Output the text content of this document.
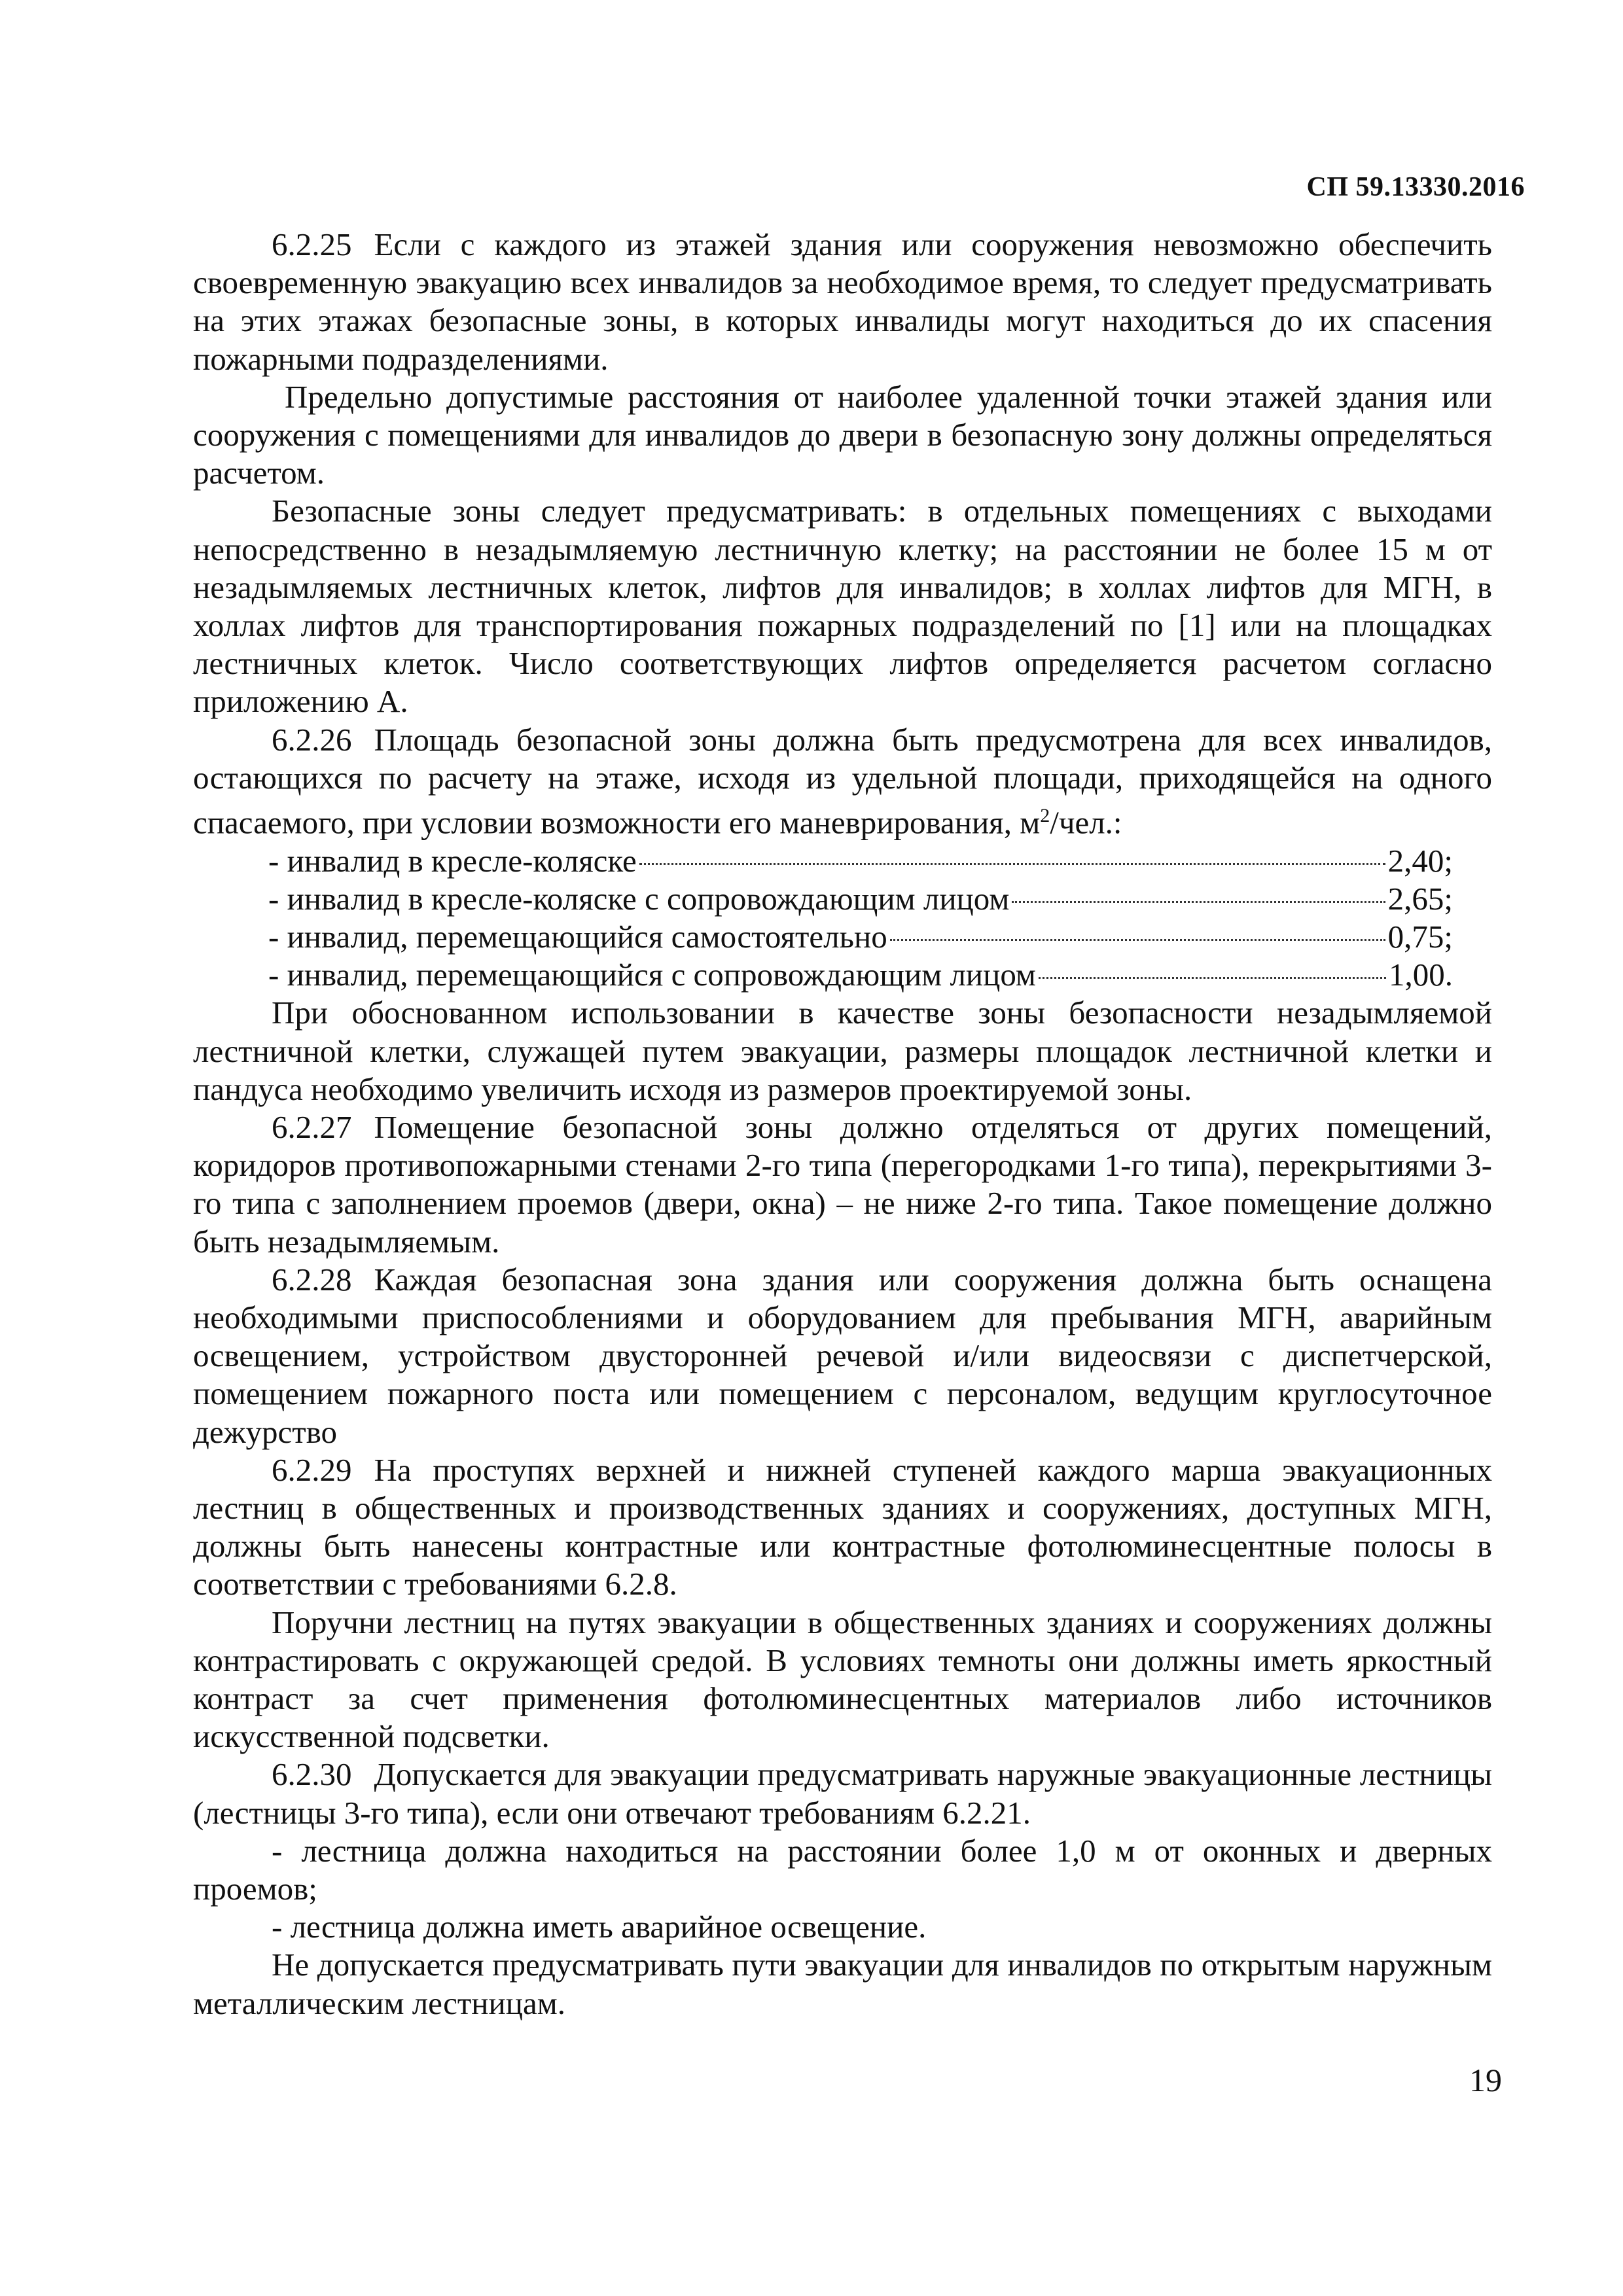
СП 59.13330.2016

6.2.25 Если с каждого из этажей здания или сооружения невозможно обеспечить своевременную эвакуацию всех инвалидов за необходимое время, то следует предусматривать на этих этажах безопасные зоны, в которых инвалиды могут находиться до их спасения пожарными подразделениями.

Предельно допустимые расстояния от наиболее удаленной точки этажей здания или сооружения с помещениями для инвалидов до двери в безопасную зону должны определяться расчетом.

Безопасные зоны следует предусматривать: в отдельных помещениях с выходами непосредственно в незадымляемую лестничную клетку; на расстоянии не более 15 м от незадымляемых лестничных клеток, лифтов для инвалидов; в холлах лифтов для МГН, в холлах лифтов для транспортирования пожарных подразделений по [1] или на площадках лестничных клеток. Число соответствующих лифтов определяется расчетом согласно приложению А.

6.2.26 Площадь безопасной зоны должна быть предусмотрена для всех инвалидов, остающихся по расчету на этаже, исходя из удельной площади, приходящейся на одного спасаемого, при условии возможности его маневрирования, $м^2$/чел.:

- инвалид в кресле-коляске	2,40;
- инвалид в кресле-коляске с сопровождающим лицом	2,65;
- инвалид, перемещающийся самостоятельно	0,75;
- инвалид, перемещающийся с сопровождающим лицом	1,00.

При обоснованном использовании в качестве зоны безопасности незадымляемой лестничной клетки, служащей путем эвакуации, размеры площадок лестничной клетки и пандуса необходимо увеличить исходя из размеров проектируемой зоны.

6.2.27 Помещение безопасной зоны должно отделяться от других помещений, коридоров противопожарными стенами 2-го типа (перегородками 1-го типа), перекрытиями 3-го типа с заполнением проемов (двери, окна) – не ниже 2-го типа. Такое помещение должно быть незадымляемым.

6.2.28 Каждая безопасная зона здания или сооружения должна быть оснащена необходимыми приспособлениями и оборудованием для пребывания МГН, аварийным освещением, устройством двусторонней речевой и/или видеосвязи с диспетчерской, помещением пожарного поста или помещением с персоналом, ведущим круглосуточное дежурство

6.2.29 На проступях верхней и нижней ступеней каждого марша эвакуационных лестниц в общественных и производственных зданиях и сооружениях, доступных МГН, должны быть нанесены контрастные или контрастные фотолюминесцентные полосы в соответствии с требованиями 6.2.8.

Поручни лестниц на путях эвакуации в общественных зданиях и сооружениях должны контрастировать с окружающей средой. В условиях темноты они должны иметь яркостный контраст за счет применения фотолюминесцентных материалов либо источников искусственной подсветки.

6.2.30 Допускается для эвакуации предусматривать наружные эвакуационные лестницы (лестницы 3-го типа), если они отвечают требованиям 6.2.21.

- лестница должна находиться на расстоянии более 1,0 м от оконных и дверных проемов;

- лестница должна иметь аварийное освещение.

Не допускается предусматривать пути эвакуации для инвалидов по открытым наружным металлическим лестницам.

19
